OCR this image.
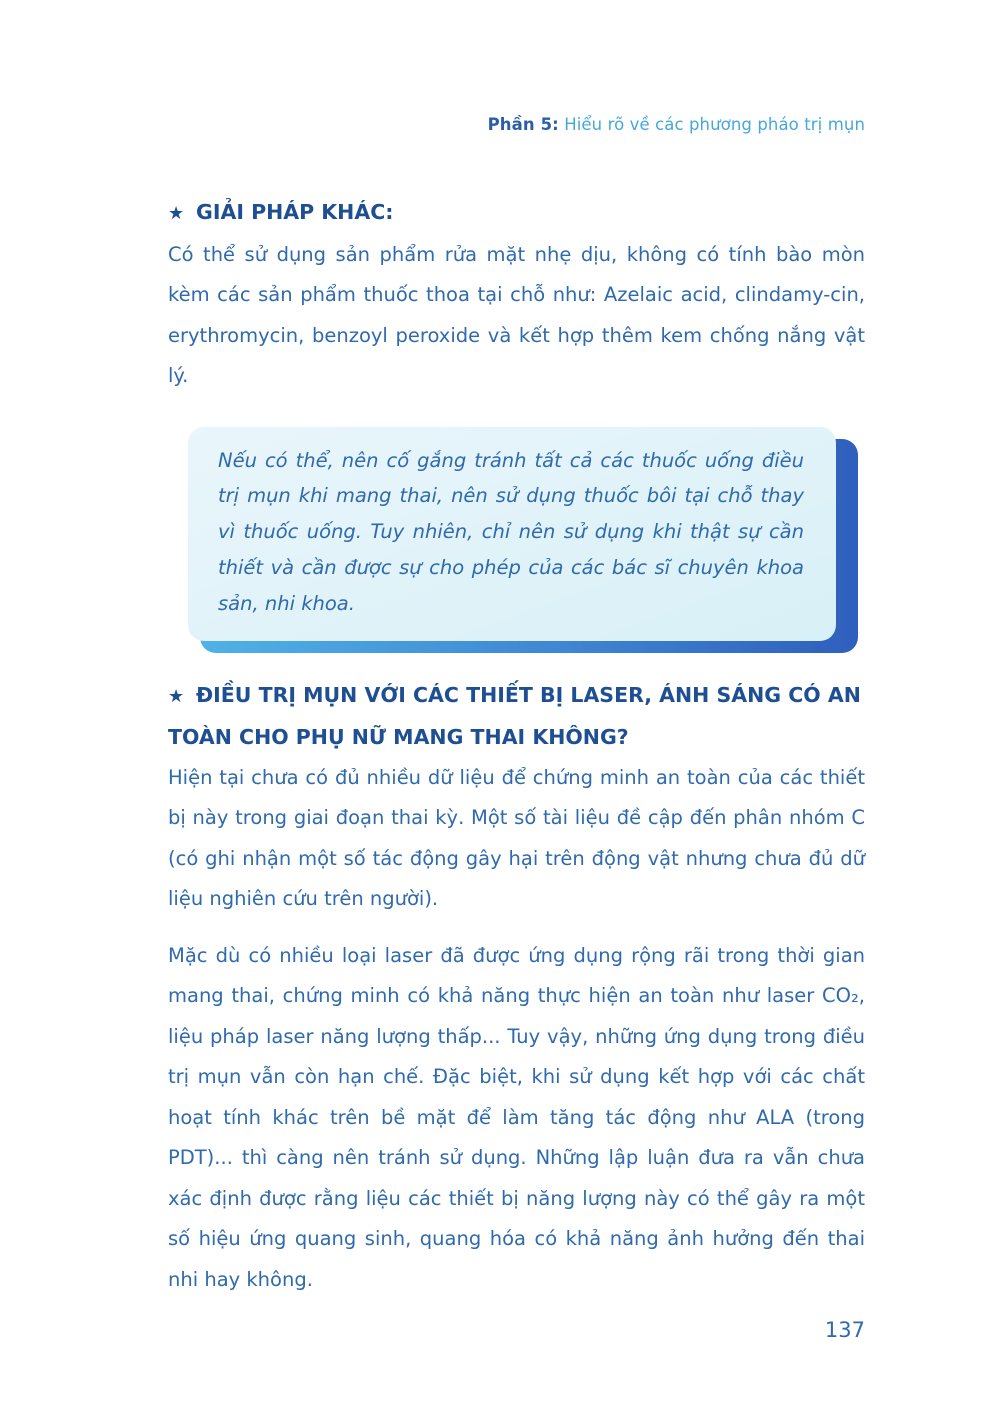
Phần 5: Hiểu rõ về các phương pháo trị mụn
★ GIẢI PHÁP KHÁC:

Có thể sử dụng sản phẩm rửa mặt nhẹ dịu, không có tính bào mòn kèm các sản phẩm thuốc thoa tại chỗ như: Azelaic acid, clindamy-cin, erythromycin, benzoyl peroxide và kết hợp thêm kem chống nắng vật lý.

Nếu có thể, nên cố gắng tránh tất cả các thuốc uống điều trị mụn khi mang thai, nên sử dụng thuốc bôi tại chỗ thay vì thuốc uống. Tuy nhiên, chỉ nên sử dụng khi thật sự cần thiết và cần được sự cho phép của các bác sĩ chuyên khoa sản, nhi khoa.

★ ĐIỀU TRỊ MỤN VỚI CÁC THIẾT BỊ LASER, ÁNH SÁNG CÓ AN TOÀN CHO PHỤ NỮ MANG THAI KHÔNG?

Hiện tại chưa có đủ nhiều dữ liệu để chứng minh an toàn của các thiết bị này trong giai đoạn thai kỳ. Một số tài liệu đề cập đến phân nhóm C (có ghi nhận một số tác động gây hại trên động vật nhưng chưa đủ dữ liệu nghiên cứu trên người).

Mặc dù có nhiều loại laser đã được ứng dụng rộng rãi trong thời gian mang thai, chứng minh có khả năng thực hiện an toàn như laser CO₂, liệu pháp laser năng lượng thấp... Tuy vậy, những ứng dụng trong điều trị mụn vẫn còn hạn chế. Đặc biệt, khi sử dụng kết hợp với các chất hoạt tính khác trên bề mặt để làm tăng tác động như ALA (trong PDT)... thì càng nên tránh sử dụng. Những lập luận đưa ra vẫn chưa xác định được rằng liệu các thiết bị năng lượng này có thể gây ra một số hiệu ứng quang sinh, quang hóa có khả năng ảnh hưởng đến thai nhi hay không.

137
